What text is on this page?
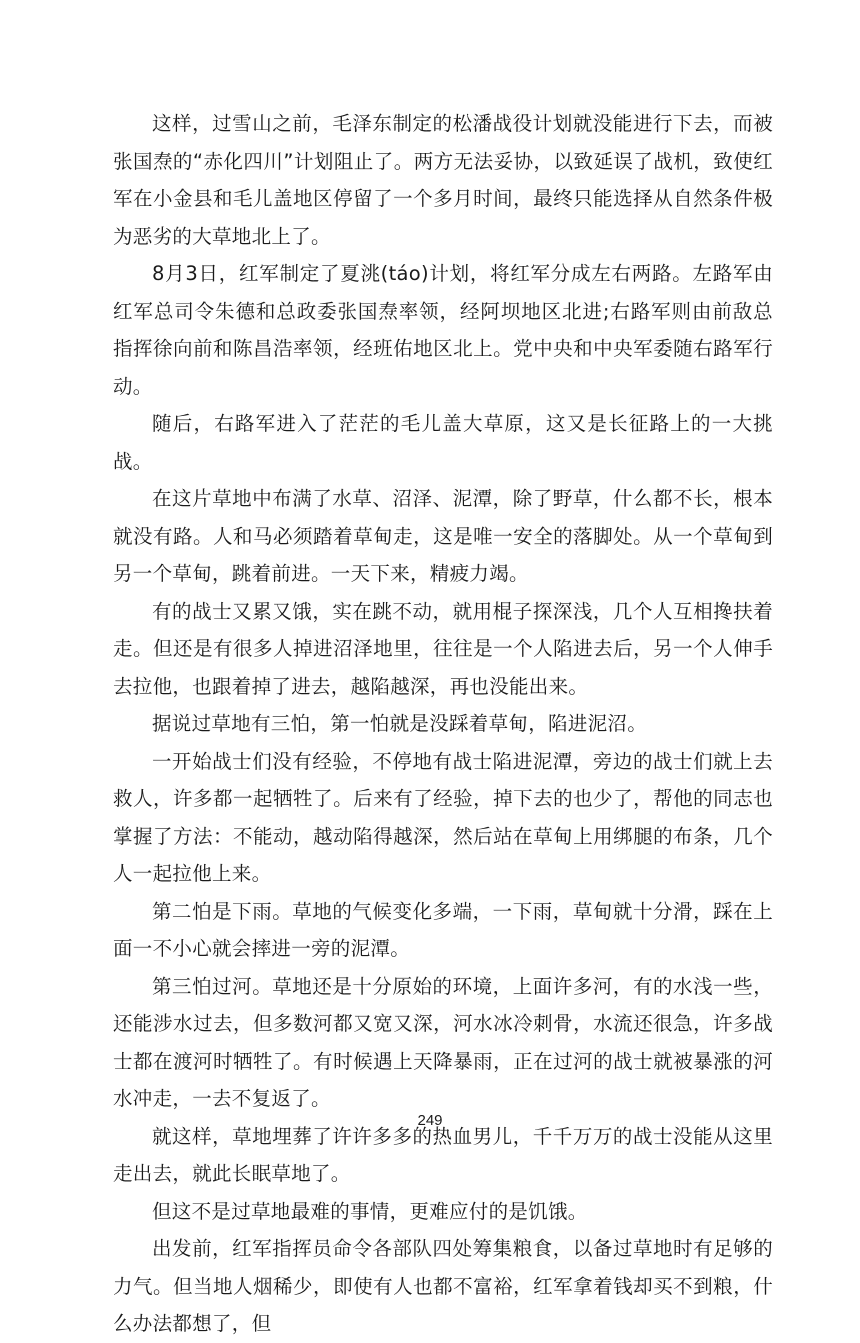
这样，过雪山之前，毛泽东制定的松潘战役计划就没能进行下去，而被张国焘的“赤化四川”计划阻止了。两方无法妥协，以致延误了战机，致使红军在小金县和毛儿盖地区停留了一个多月时间，最终只能选择从自然条件极为恶劣的大草地北上了。

8月3日，红军制定了夏洮(táo)计划，将红军分成左右两路。左路军由红军总司令朱德和总政委张国焘率领，经阿坝地区北进;右路军则由前敌总指挥徐向前和陈昌浩率领，经班佑地区北上。党中央和中央军委随右路军行动。

随后，右路军进入了茫茫的毛儿盖大草原，这又是长征路上的一大挑战。

在这片草地中布满了水草、沼泽、泥潭，除了野草，什么都不长，根本就没有路。人和马必须踏着草甸走，这是唯一安全的落脚处。从一个草甸到另一个草甸，跳着前进。一天下来，精疲力竭。

有的战士又累又饿，实在跳不动，就用棍子探深浅，几个人互相搀扶着走。但还是有很多人掉进沼泽地里，往往是一个人陷进去后，另一个人伸手去拉他，也跟着掉了进去，越陷越深，再也没能出来。

据说过草地有三怕，第一怕就是没踩着草甸，陷进泥沼。

一开始战士们没有经验，不停地有战士陷进泥潭，旁边的战士们就上去救人，许多都一起牺牲了。后来有了经验，掉下去的也少了，帮他的同志也掌握了方法：不能动，越动陷得越深，然后站在草甸上用绑腿的布条，几个人一起拉他上来。

第二怕是下雨。草地的气候变化多端，一下雨，草甸就十分滑，踩在上面一不小心就会摔进一旁的泥潭。

第三怕过河。草地还是十分原始的环境，上面许多河，有的水浅一些，还能涉水过去，但多数河都又宽又深，河水冰冷刺骨，水流还很急，许多战士都在渡河时牺牲了。有时候遇上天降暴雨，正在过河的战士就被暴涨的河水冲走，一去不复返了。

就这样，草地埋葬了许许多多的热血男儿，千千万万的战士没能从这里走出去，就此长眠草地了。

但这不是过草地最难的事情，更难应付的是饥饿。

出发前，红军指挥员命令各部队四处筹集粮食，以备过草地时有足够的力气。但当地人烟稀少，即使有人也都不富裕，红军拿着钱却买不到粮，什么办法都想了，但

249
